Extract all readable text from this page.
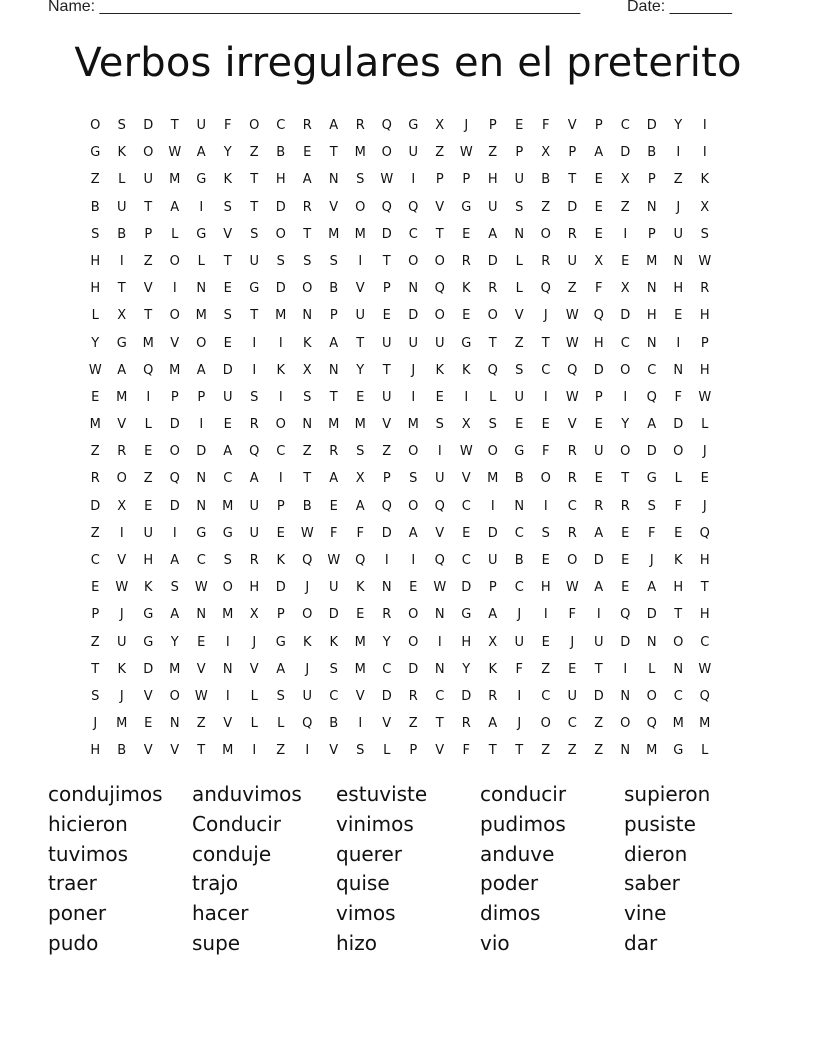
Name: ______________________________________________________	Date: _______
Verbos irregulares en el preterito
O	S	D	T	U	F	O	C	R	A	R	Q	G	X	J	P	E	F	V	P	C	D	Y	I
G	K	O	W	A	Y	Z	B	E	T	M	O	U	Z	W	Z	P	X	P	A	D	B	I	I
Z	L	U	M	G	K	T	H	A	N	S	W	I	P	P	H	U	B	T	E	X	P	Z	K
B	U	T	A	I	S	T	D	R	V	O	Q	Q	V	G	U	S	Z	D	E	Z	N	J	X
S	B	P	L	G	V	S	O	T	M	M	D	C	T	E	A	N	O	R	E	I	P	U	S
H	I	Z	O	L	T	U	S	S	S	I	T	O	O	R	D	L	R	U	X	E	M	N	W
H	T	V	I	N	E	G	D	O	B	V	P	N	Q	K	R	L	Q	Z	F	X	N	H	R
L	X	T	O	M	S	T	M	N	P	U	E	D	O	E	O	V	J	W	Q	D	H	E	H
Y	G	M	V	O	E	I	I	K	A	T	U	U	U	G	T	Z	T	W	H	C	N	I	P
W	A	Q	M	A	D	I	K	X	N	Y	T	J	K	K	Q	S	C	Q	D	O	C	N	H
E	M	I	P	P	U	S	I	S	T	E	U	I	E	I	L	U	I	W	P	I	Q	F	W
M	V	L	D	I	E	R	O	N	M	M	V	M	S	X	S	E	E	V	E	Y	A	D	L
Z	R	E	O	D	A	Q	C	Z	R	S	Z	O	I	W	O	G	F	R	U	O	D	O	J
R	O	Z	Q	N	C	A	I	T	A	X	P	S	U	V	M	B	O	R	E	T	G	L	E
D	X	E	D	N	M	U	P	B	E	A	Q	O	Q	C	I	N	I	C	R	R	S	F	J
Z	I	U	I	G	G	U	E	W	F	F	D	A	V	E	D	C	S	R	A	E	F	E	Q
C	V	H	A	C	S	R	K	Q	W	Q	I	I	Q	C	U	B	E	O	D	E	J	K	H
E	W	K	S	W	O	H	D	J	U	K	N	E	W	D	P	C	H	W	A	E	A	H	T
P	J	G	A	N	M	X	P	O	D	E	R	O	N	G	A	J	I	F	I	Q	D	T	H
Z	U	G	Y	E	I	J	G	K	K	M	Y	O	I	H	X	U	E	J	U	D	N	O	C
T	K	D	M	V	N	V	A	J	S	M	C	D	N	Y	K	F	Z	E	T	I	L	N	W
S	J	V	O	W	I	L	S	U	C	V	D	R	C	D	R	I	C	U	D	N	O	C	Q
J	M	E	N	Z	V	L	L	Q	B	I	V	Z	T	R	A	J	O	C	Z	O	Q	M	M
H	B	V	V	T	M	I	Z	I	V	S	L	P	V	F	T	T	Z	Z	Z	N	M	G	L
condujimos	anduvimos	estuviste	conducir	supieron
hicieron	Conducir	vinimos	pudimos	pusiste
tuvimos	conduje	querer	anduve	dieron
traer	trajo	quise	poder	saber
poner	hacer	vimos	dimos	vine
pudo	supe	hizo	vio	dar
